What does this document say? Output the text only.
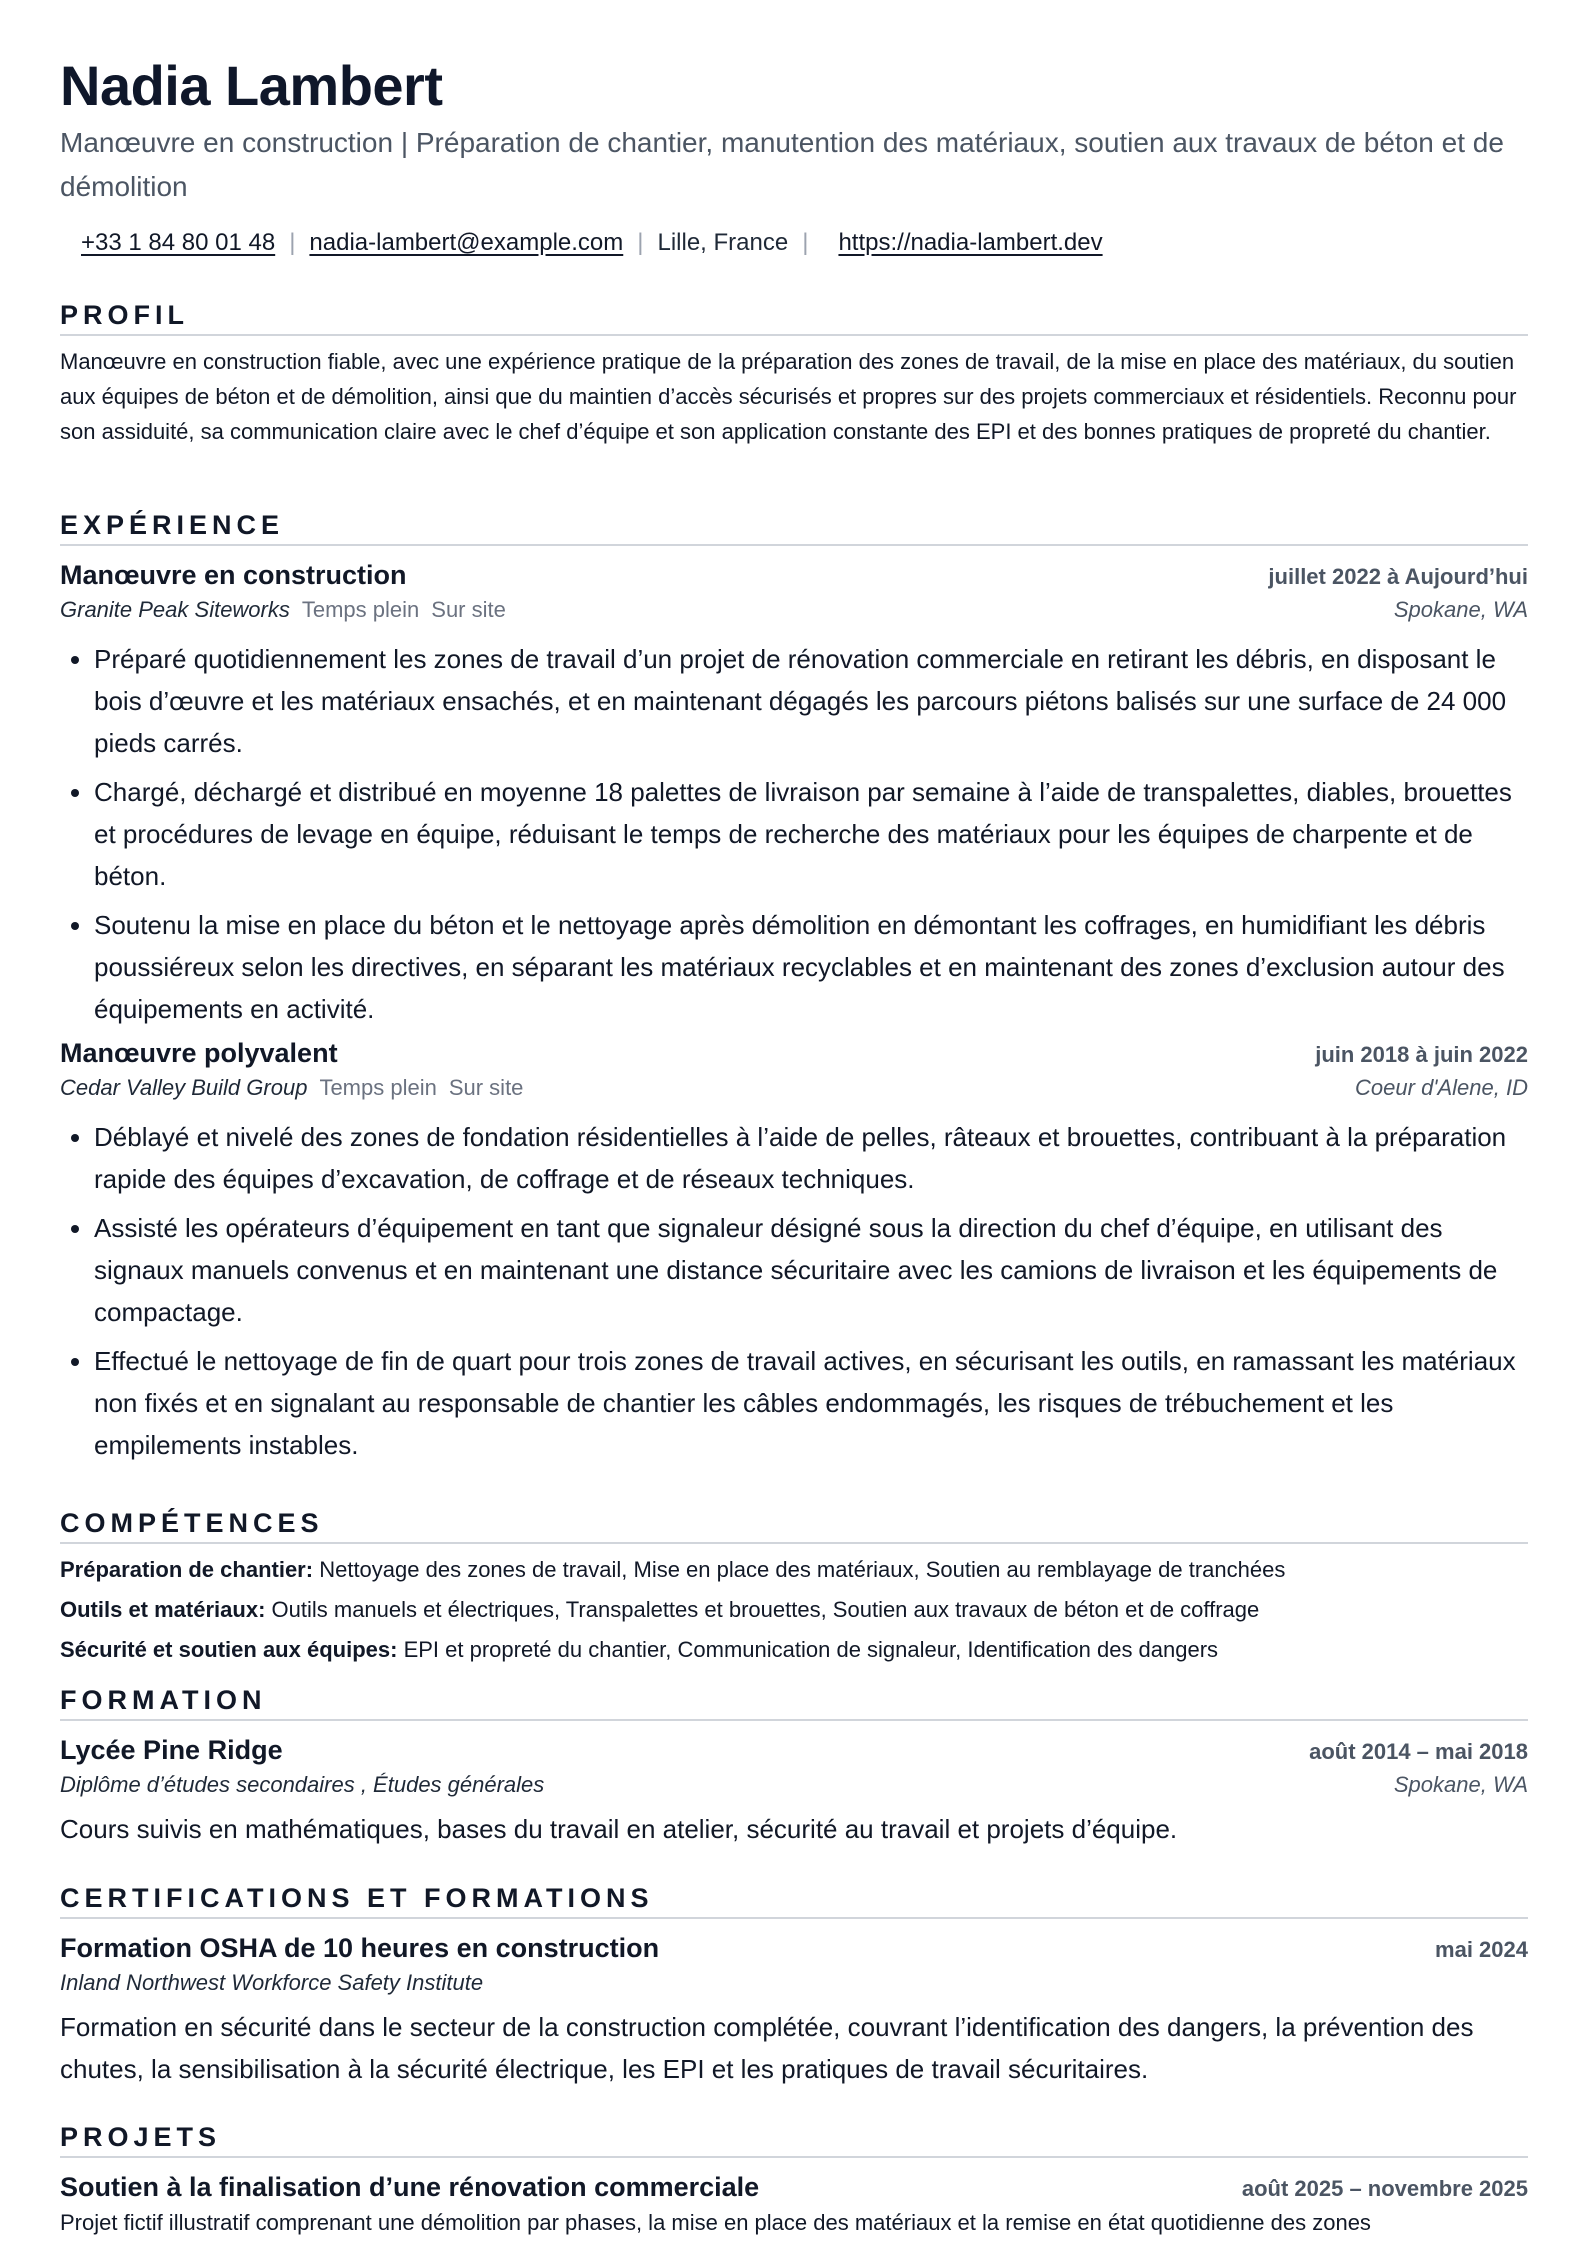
Nadia Lambert
Manœuvre en construction | Préparation de chantier, manutention des matériaux, soutien aux travaux de béton et de démolition
+33 1 84 80 01 48 | nadia-lambert@example.com | Lille, France | https://nadia-lambert.dev
PROFIL
Manœuvre en construction fiable, avec une expérience pratique de la préparation des zones de travail, de la mise en place des matériaux, du soutien aux équipes de béton et de démolition, ainsi que du maintien d’accès sécurisés et propres sur des projets commerciaux et résidentiels. Reconnu pour son assiduité, sa communication claire avec le chef d’équipe et son application constante des EPI et des bonnes pratiques de propreté du chantier.
EXPÉRIENCE
Manœuvre en construction	juillet 2022 à Aujourd’hui
Granite Peak Siteworks Temps plein Sur site	Spokane, WA
• Préparé quotidiennement les zones de travail d’un projet de rénovation commerciale en retirant les débris, en disposant le bois d’œuvre et les matériaux ensachés, et en maintenant dégagés les parcours piétons balisés sur une surface de 24 000 pieds carrés.
• Chargé, déchargé et distribué en moyenne 18 palettes de livraison par semaine à l’aide de transpalettes, diables, brouettes et procédures de levage en équipe, réduisant le temps de recherche des matériaux pour les équipes de charpente et de béton.
• Soutenu la mise en place du béton et le nettoyage après démolition en démontant les coffrages, en humidifiant les débris poussiéreux selon les directives, en séparant les matériaux recyclables et en maintenant des zones d’exclusion autour des équipements en activité.
Manœuvre polyvalent	juin 2018 à juin 2022
Cedar Valley Build Group Temps plein Sur site	Coeur d'Alene, ID
• Déblayé et nivelé des zones de fondation résidentielles à l’aide de pelles, râteaux et brouettes, contribuant à la préparation rapide des équipes d’excavation, de coffrage et de réseaux techniques.
• Assisté les opérateurs d’équipement en tant que signaleur désigné sous la direction du chef d’équipe, en utilisant des signaux manuels convenus et en maintenant une distance sécuritaire avec les camions de livraison et les équipements de compactage.
• Effectué le nettoyage de fin de quart pour trois zones de travail actives, en sécurisant les outils, en ramassant les matériaux non fixés et en signalant au responsable de chantier les câbles endommagés, les risques de trébuchement et les empilements instables.
COMPÉTENCES
Préparation de chantier: Nettoyage des zones de travail, Mise en place des matériaux, Soutien au remblayage de tranchées
Outils et matériaux: Outils manuels et électriques, Transpalettes et brouettes, Soutien aux travaux de béton et de coffrage
Sécurité et soutien aux équipes: EPI et propreté du chantier, Communication de signaleur, Identification des dangers
FORMATION
Lycée Pine Ridge	août 2014 – mai 2018
Diplôme d’études secondaires , Études générales	Spokane, WA
Cours suivis en mathématiques, bases du travail en atelier, sécurité au travail et projets d’équipe.
CERTIFICATIONS ET FORMATIONS
Formation OSHA de 10 heures en construction	mai 2024
Inland Northwest Workforce Safety Institute
Formation en sécurité dans le secteur de la construction complétée, couvrant l’identification des dangers, la prévention des chutes, la sensibilisation à la sécurité électrique, les EPI et les pratiques de travail sécuritaires.
PROJETS
Soutien à la finalisation d’une rénovation commerciale	août 2025 – novembre 2025
Projet fictif illustratif comprenant une démolition par phases, la mise en place des matériaux et la remise en état quotidienne des zones
